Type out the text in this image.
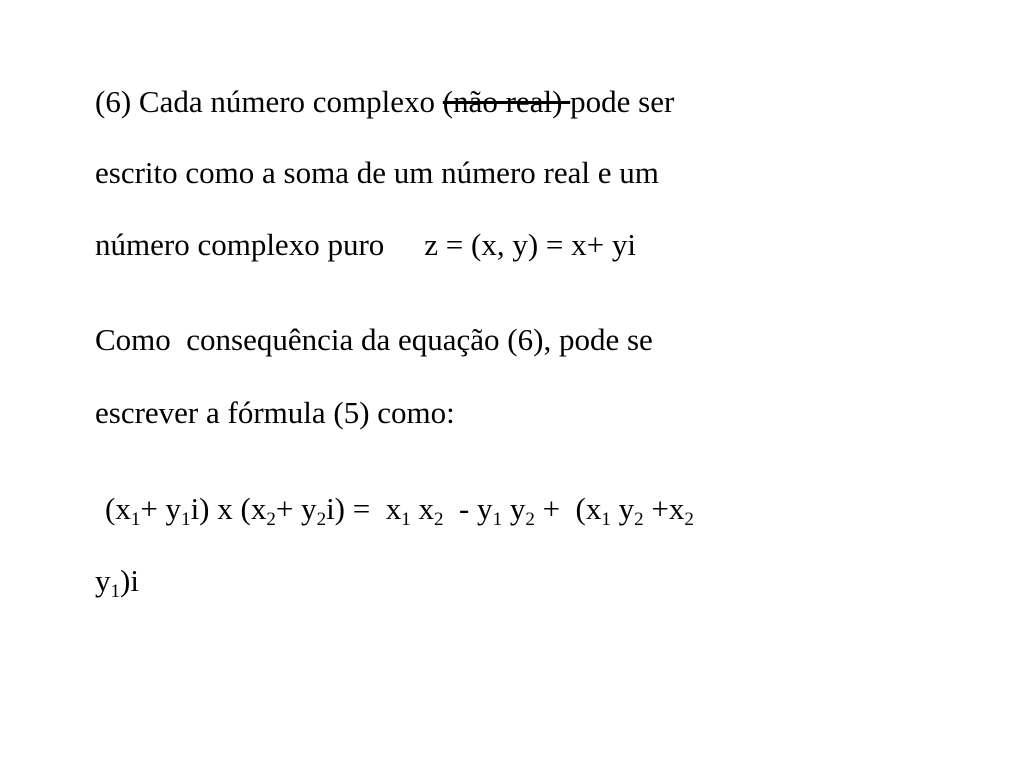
(6) Cada número complexo (não real) pode ser
escrito como a soma de um número real e um
número complexo puro z = (x, y) = x+ yi
Como  consequência da equação (6), pode se
escrever a fórmula (5) como:
$(x_1+ y_1i)$ x $(x_2+ y_2i) = x_1$ $x_2 - y_1$ $y_2 + (x_1$ $y_2 +x_2$
$y_1)i$
